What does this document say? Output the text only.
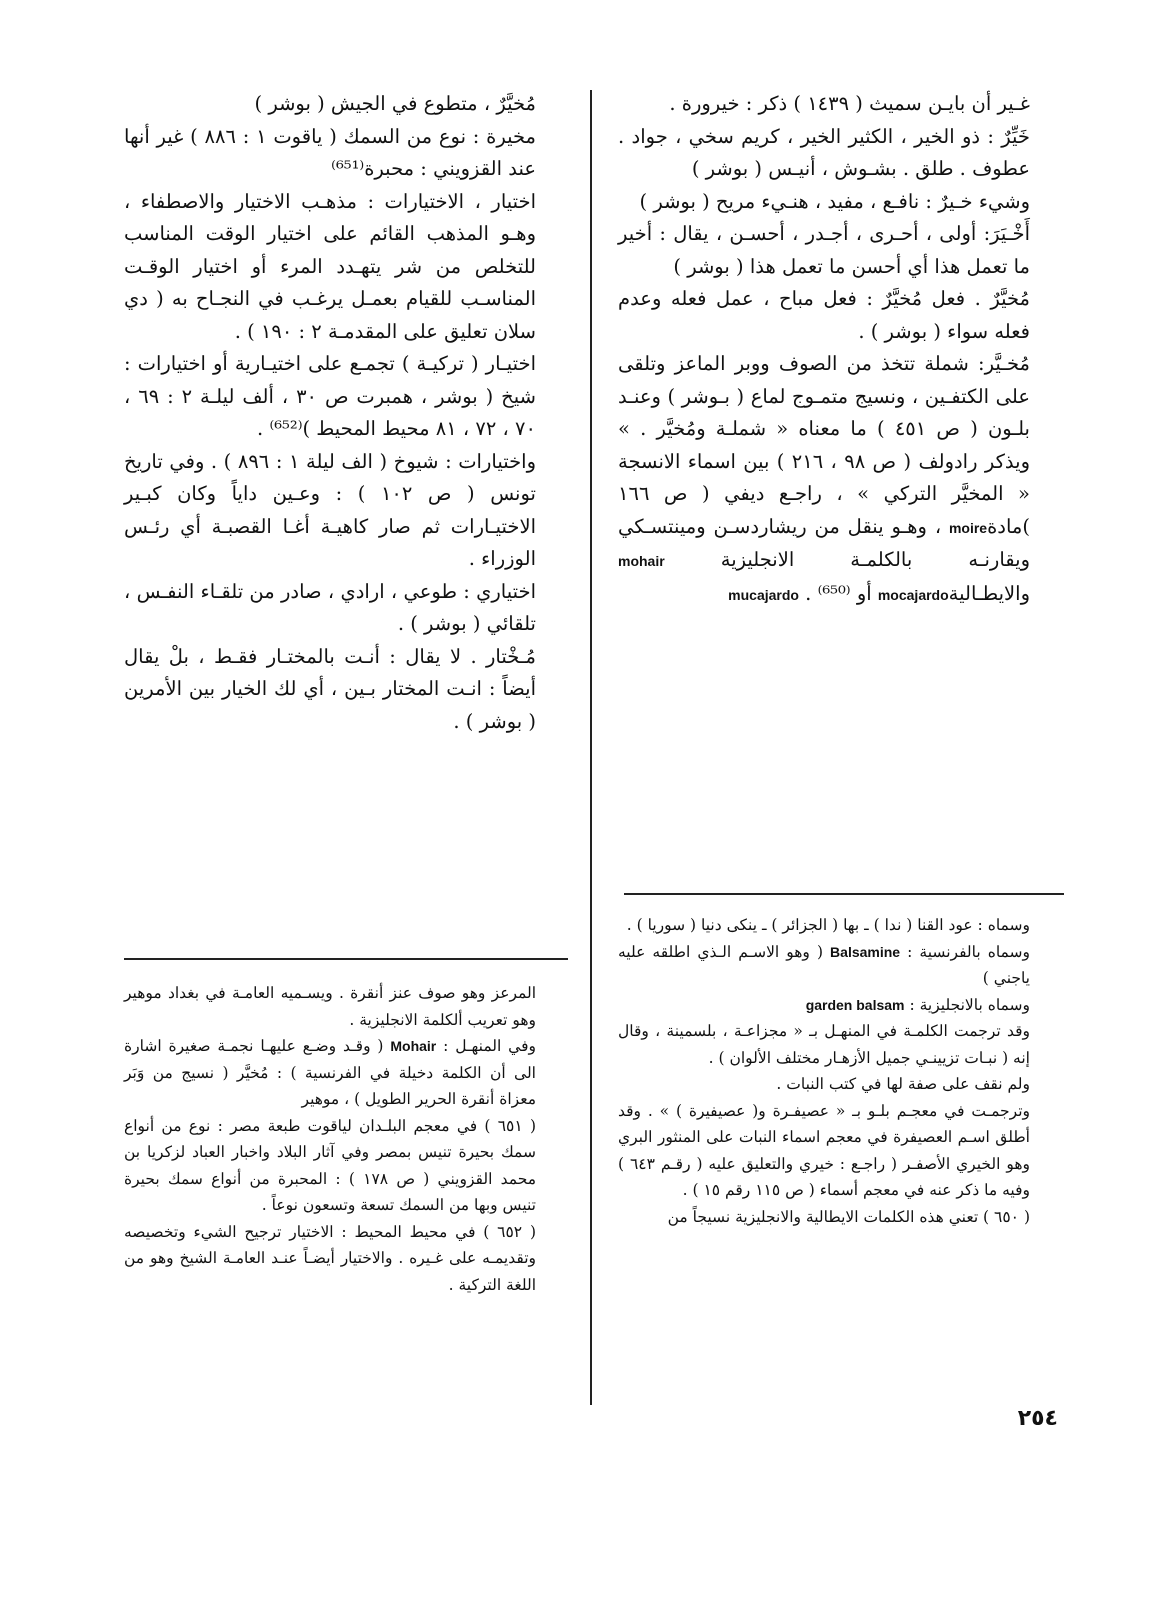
غـير أن بايـن سميث ( ١٤٣٩ ) ذكر : خيرورة .

خَيِّرٌ : ذو الخير ، الكثير الخير ، كريم سخي ، جواد . عطوف . طلق . بشـوش ، أنيـس ( بوشر )

وشيء خـيرٌ : نافـع ، مفيد ، هنـيء مريح ( بوشر )

أَخْـيَرَ: أولى ، أحـرى ، أجـدر ، أحسـن ، يقال : أخير ما تعمل هذا أي أحسن ما تعمل هذا ( بوشر )

مُخيَّرٌ . فعل مُخيَّرٌ : فعل مباح ، عمل فعله وعدم فعله سواء ( بوشر ) .

مُخـيَّر: شملة تتخذ من الصوف ووبر الماعز وتلقى على الكتفـين ، ونسيج متمـوج لماع ( بـوشر ) وعنـد بلـون ( ص ٤٥١ ) ما معناه « شملـة ومُخيَّر . » ويذكر رادولف ( ص ٩٨ ، ٢١٦ ) بين اسماء الانسجة « المخيَّر التركي » ، راجـع ديفي ( ص ١٦٦ )مادةmoire ، وهـو ينقل من ريشاردسـن ومينتسـكي ويقارنـه بالكلمـة الانجليزية mohair والايطـاليةmocajardo أو mucajardo . ⁽⁶⁵⁰⁾

مُخيَّرٌ ، متطوع في الجيش ( بوشر )

مخيرة : نوع من السمك ( ياقوت ١ : ٨٨٦ ) غير أنها عند القزويني : محبرة⁽⁶⁵¹⁾

اختيار ، الاختيارات : مذهـب الاختيار والاصطفاء ، وهـو المذهب القائم على اختيار الوقت المناسب للتخلص من شر يتهـدد المرء أو اختيار الوقـت المناسـب للقيام بعمـل يرغـب في النجـاح به ( دي سلان تعليق على المقدمـة ٢ : ١٩٠ ) .

اختيـار ( تركيـة ) تجمـع على اختيـارية أو اختيارات : شيخ ( بوشر ، همبرت ص ٣٠ ، ألف ليلـة ٢ : ٦٩ ، ٧٠ ، ٧٢ ، ٨١ محيط المحيط )⁽⁶⁵²⁾ .

واختيارات : شيوخ ( الف ليلة ١ : ٨٩٦ ) . وفي تاريخ تونس ( ص ١٠٢ ) : وعـين داياً وكان كبـير الاختيـارات ثم صار كاهيـة أغـا القصبـة أي رئـس الوزراء .

اختياري : طوعي ، ارادي ، صادر من تلقـاء النفـس ، تلقائي ( بوشر ) .

مُـخْتار . لا يقال : أنـت بالمختـار فقـط ، بلْ يقال أيضاً : انـت المختار بـين ، أي لك الخيار بين الأمرين ( بوشر ) .

وسماه : عود القنا ( ندا ) ـ بها ( الجزائر ) ـ ينكى دنيا ( سوريا ) .

وسماه بالفرنسية : Balsamine ( وهو الاسـم الـذي اطلقه عليه ياجني )

وسماه بالانجليزية : garden balsam

وقد ترجمت الكلمـة في المنهـل بـ « مجزاعـة ، بلسمينة ، وقال إنه ( نبـات تزيينـي جميل الأزهـار مختلف الألوان ) .

ولم نقف على صفة لها في كتب النبات .

وترجمـت في معجـم بلـو بـ « عصيفـرة و( عصيفيرة ) » . وقد أطلق اسـم العصيفرة في معجم اسماء النبات على المنثور البري وهو الخيري الأصفـر ( راجـع : خيري والتعليق عليه ( رقـم ٦٤٣ ) وفيه ما ذكر عنه في معجم أسماء ( ص ١١٥ رقم ١٥ ) .

( ٦٥٠ ) تعني هذه الكلمات الايطالية والانجليزية نسيجاً من

المرعز وهو صوف عنز أنقرة . ويسـميه العامـة في بغداد موهير وهو تعريب ألكلمة الانجليزية .

وفي المنهـل : Mohair ( وقـد وضـع عليهـا نجمـة صغيرة اشارة الى أن الكلمة دخيلة في الفرنسية ) : مُخيَّر ( نسيج من وَبَر معزاة أنقرة الحرير الطويل ) ، موهير

( ٦٥١ ) في معجم البلـدان لياقوت طبعة مصر : نوع من أنواع سمك بحيرة تنيس بمصر وفي آثار البلاد واخبار العباد لزكريا بن محمد القزويني ( ص ١٧٨ ) : المحبرة من أنواع سمك بحيرة تنيس وبها من السمك تسعة وتسعون نوعاً .

( ٦٥٢ ) في محيط المحيط : الاختيار ترجيح الشيء وتخصيصه وتقديمـه على غـيره . والاختيار أيضـاً عنـد العامـة الشيخ وهو من اللغة التركية .

٢٥٤
